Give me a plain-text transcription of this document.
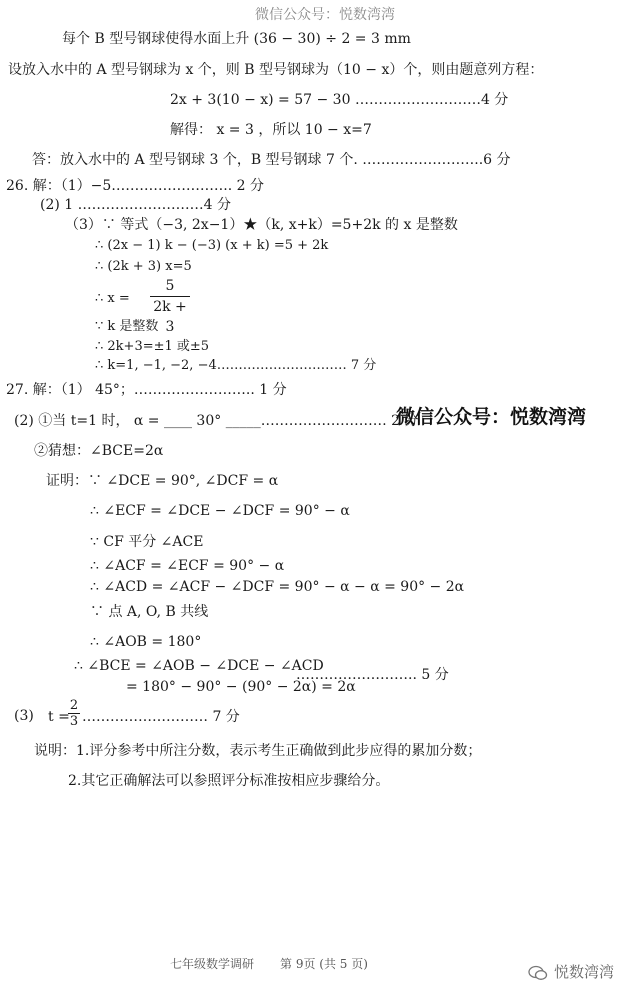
微信公众号：悦数湾湾
每个 B 型号钢球使得水面上升 (36 − 30) ÷ 2 = 3 mm
设放入水中的 A 型号钢球为 x 个，则 B 型号钢球为（10 − x）个，则由题意列方程：
2x + 3(10 − x) = 57 − 30 ………………………4 分
解得： x = 3 ，所以 10 − x=7
答：放入水中的 A 型号钢球 3 个，B 型号钢球 7 个. ……………………..6 分
26. 解：（1）−5…………………….. 2 分
(2) 1 ………………………4 分
（3）∵ 等式（−3, 2x−1）★（k, x+k）=5+2k 的 x 是整数
∴ (2x − 1) k − (−3) (x + k) =5 + 2k
∴ (2k + 3) x=5
∴ $x = \frac{5}{2k + 3}$
∵ k 是整数
∴ 2k+3=±1 或±5
∴ k=1, −1, −2, −4………………………… 7 分
27. 解：（1） 45°；…………………….. 1 分
(2) ①当 t=1 时， α = ____ 30° _____……………………… 2 分
微信公众号：悦数湾湾
②猜想：∠BCE=2α
证明：∵ ∠DCE = 90°, ∠DCF = α
∴ ∠ECF = ∠DCE − ∠DCF = 90° − α
∵ CF 平分 ∠ACE
∴ ∠ACF = ∠ECF = 90° − α
∴ ∠ACD = ∠ACF − ∠DCF = 90° − α − α = 90° − 2α
∵ 点 A, O, B 共线
∴ ∠AOB = 180°
∴ ∠BCE = ∠AOB − ∠DCE − ∠ACD
= 180° − 90° − (90° − 2α) = 2α
…………………….. 5 分
(3) t =
$\frac{2}{3}$ ……………………… 7 分
说明：1.评分参考中所注分数，表示考生正确做到此步应得的累加分数；
2.其它正确解法可以参照评分标准按相应步骤给分。
七年级数学调研 第 9页 (共 5 页)	悦数湾湾
